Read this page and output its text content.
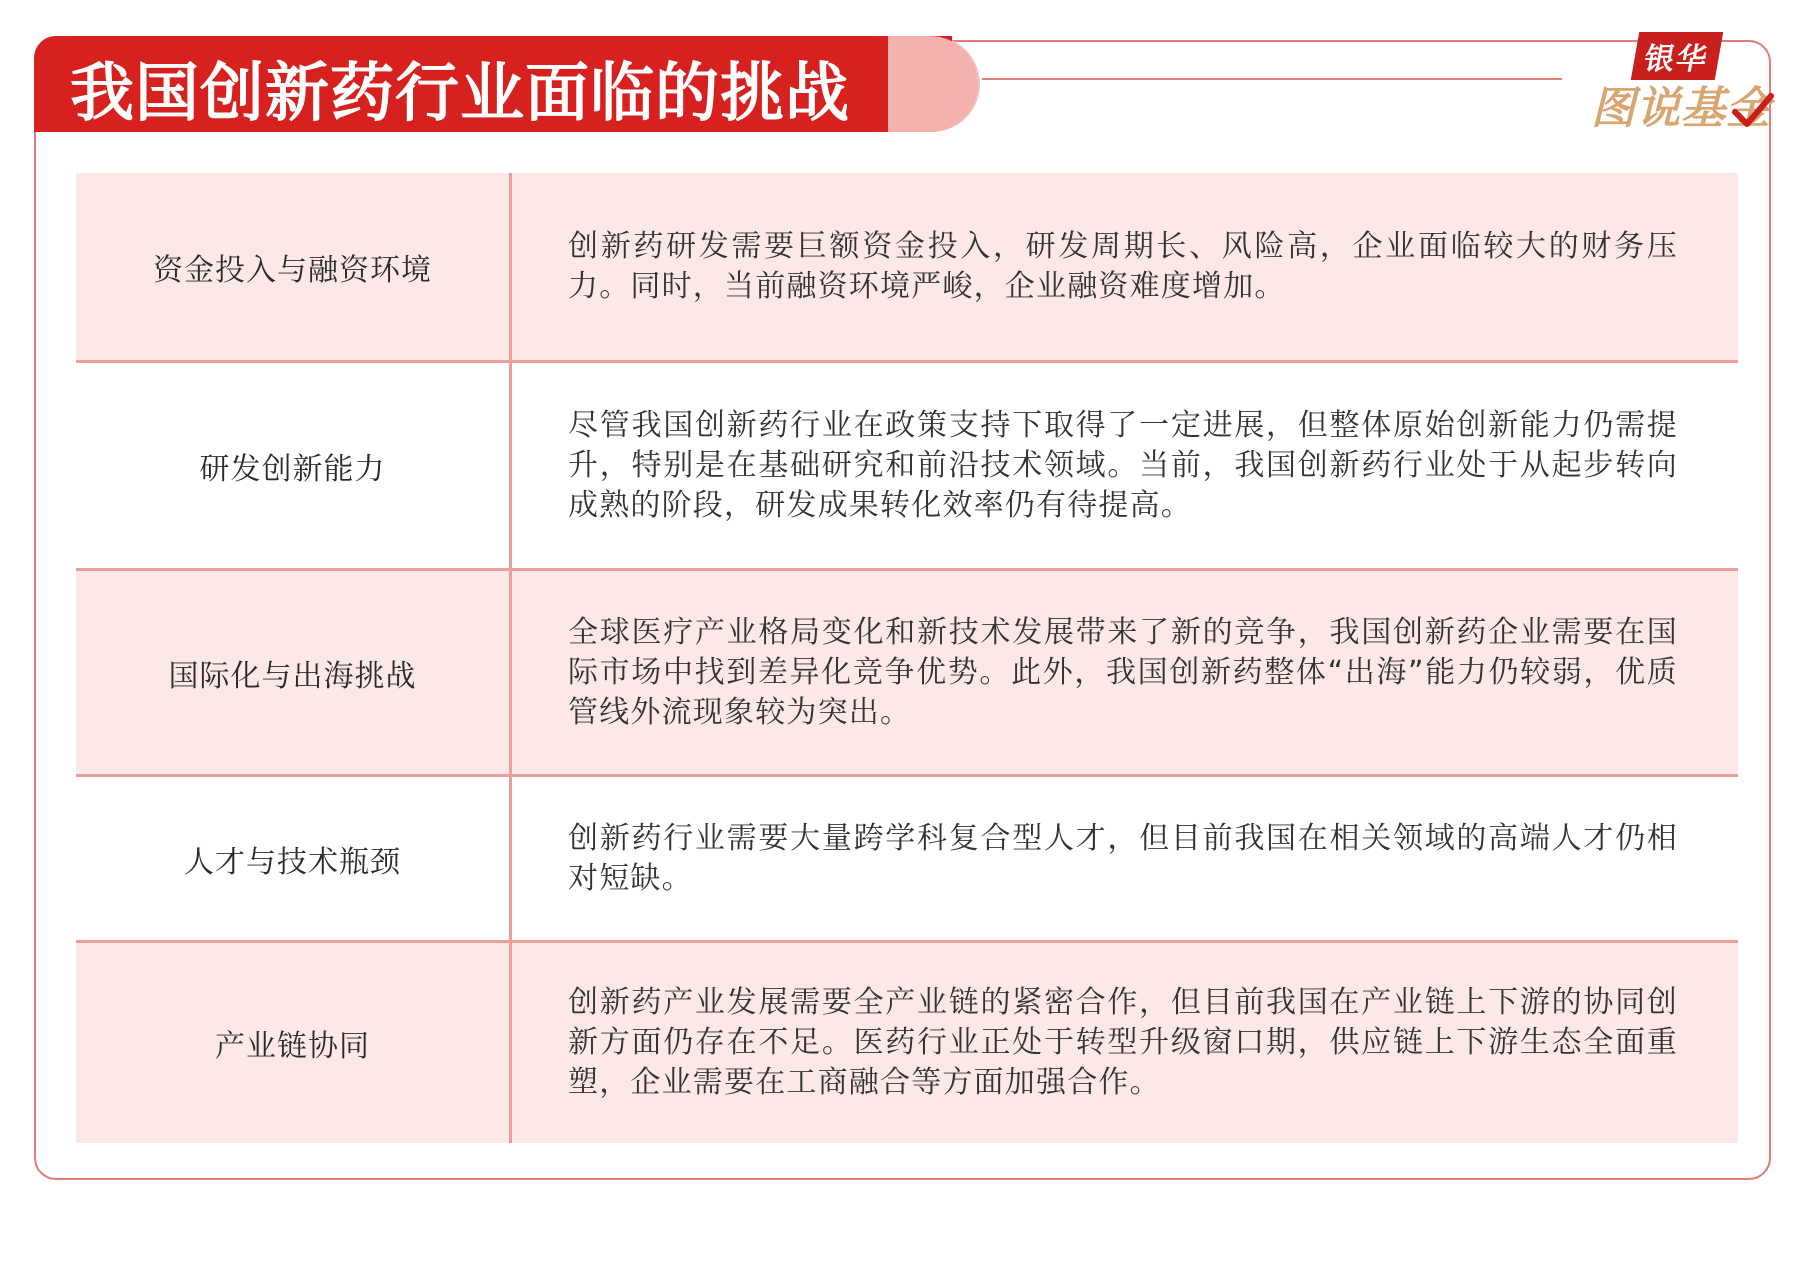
我国创新药行业面临的挑战	银华
图说基金
资金投入与融资环境
创新药研发需要巨额资金投入，研发周期长、风险高，企业面临较大的财务压力。同时，当前融资环境严峻，企业融资难度增加。
研发创新能力
尽管我国创新药行业在政策支持下取得了一定进展，但整体原始创新能力仍需提升，特别是在基础研究和前沿技术领域。当前，我国创新药行业处于从起步转向成熟的阶段，研发成果转化效率仍有待提高。
国际化与出海挑战
全球医疗产业格局变化和新技术发展带来了新的竞争，我国创新药企业需要在国际市场中找到差异化竞争优势。此外，我国创新药整体“出海”能力仍较弱，优质管线外流现象较为突出。
人才与技术瓶颈
创新药行业需要大量跨学科复合型人才，但目前我国在相关领域的高端人才仍相对短缺。
产业链协同
创新药产业发展需要全产业链的紧密合作，但目前我国在产业链上下游的协同创新方面仍存在不足。医药行业正处于转型升级窗口期，供应链上下游生态全面重塑，企业需要在工商融合等方面加强合作。
